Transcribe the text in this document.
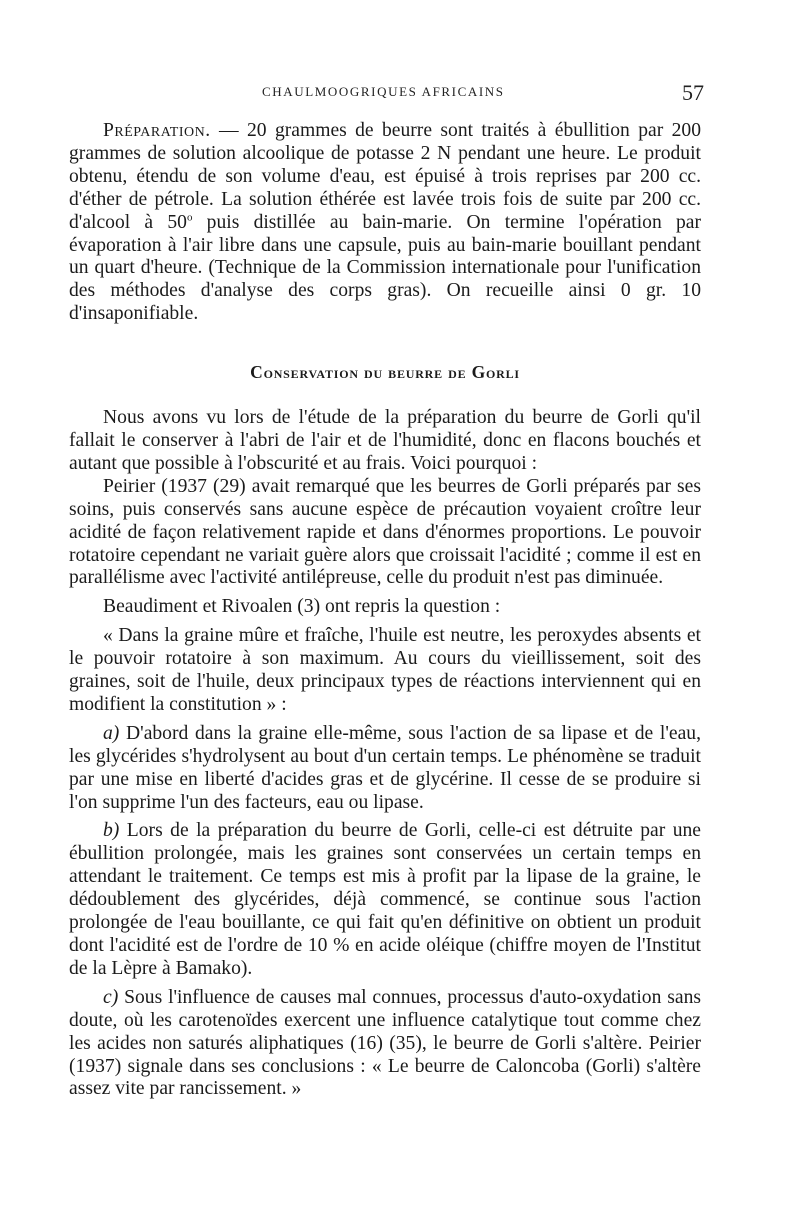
CHAULMOOGRIQUES AFRICAINS	57

Préparation. — 20 grammes de beurre sont traités à ébullition par 200 grammes de solution alcoolique de potasse 2 N pendant une heure. Le produit obtenu, étendu de son volume d'eau, est épuisé à trois reprises par 200 cc. d'éther de pétrole. La solution éthérée est lavée trois fois de suite par 200 cc. d'alcool à 50$^o$ puis distillée au bain-marie. On termine l'opération par évaporation à l'air libre dans une capsule, puis au bain-marie bouillant pendant un quart d'heure. (Technique de la Commission internationale pour l'unification des méthodes d'analyse des corps gras). On recueille ainsi 0 gr. 10 d'insaponifiable.

Conservation du beurre de Gorli

Nous avons vu lors de l'étude de la préparation du beurre de Gorli qu'il fallait le conserver à l'abri de l'air et de l'humidité, donc en flacons bouchés et autant que possible à l'obscurité et au frais. Voici pourquoi :

Peirier (1937 (29) avait remarqué que les beurres de Gorli préparés par ses soins, puis conservés sans aucune espèce de précaution voyaient croître leur acidité de façon relativement rapide et dans d'énormes proportions. Le pouvoir rotatoire cependant ne variait guère alors que croissait l'acidité ; comme il est en parallélisme avec l'activité antilépreuse, celle du produit n'est pas diminuée.

Beaudiment et Rivoalen (3) ont repris la question :

« Dans la graine mûre et fraîche, l'huile est neutre, les peroxydes absents et le pouvoir rotatoire à son maximum. Au cours du vieillissement, soit des graines, soit de l'huile, deux principaux types de réactions interviennent qui en modifient la constitution » :

a) D'abord dans la graine elle-même, sous l'action de sa lipase et de l'eau, les glycérides s'hydrolysent au bout d'un certain temps. Le phénomène se traduit par une mise en liberté d'acides gras et de glycérine. Il cesse de se produire si l'on supprime l'un des facteurs, eau ou lipase.

b) Lors de la préparation du beurre de Gorli, celle-ci est détruite par une ébullition prolongée, mais les graines sont conservées un certain temps en attendant le traitement. Ce temps est mis à profit par la lipase de la graine, le dédoublement des glycérides, déjà commencé, se continue sous l'action prolongée de l'eau bouillante, ce qui fait qu'en définitive on obtient un produit dont l'acidité est de l'ordre de 10 % en acide oléique (chiffre moyen de l'Institut de la Lèpre à Bamako).

c) Sous l'influence de causes mal connues, processus d'auto-oxydation sans doute, où les carotenoïdes exercent une influence catalytique tout comme chez les acides non saturés aliphatiques (16) (35), le beurre de Gorli s'altère. Peirier (1937) signale dans ses conclusions : « Le beurre de Caloncoba (Gorli) s'altère assez vite par rancissement. »
